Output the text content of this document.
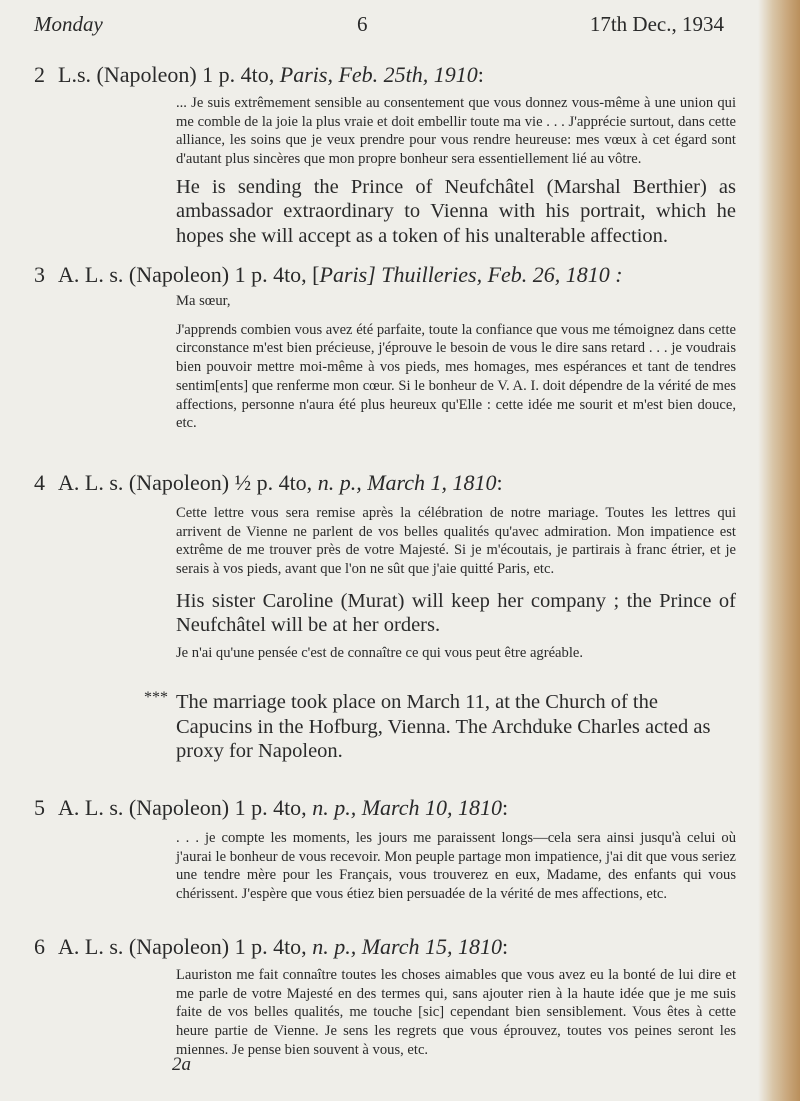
Monday	6	17th Dec., 1934
2 L.s. (Napoleon) 1 p. 4to, Paris, Feb. 25th, 1910:

... Je suis extrêmement sensible au consentement que vous donnez vous-même à une union qui me comble de la joie la plus vraie et doit embellir toute ma vie . . . J'apprécie surtout, dans cette alliance, les soins que je veux prendre pour vous rendre heureuse: mes vœux à cet égard sont d'autant plus sincères que mon propre bonheur sera essentiellement lié au vôtre.

He is sending the Prince of Neufchâtel (Marshal Berthier) as ambassador extraordinary to Vienna with his portrait, which he hopes she will accept as a token of his unalterable affection.

3 A. L. s. (Napoleon) 1 p. 4to, [Paris] Thuilleries, Feb. 26, 1810 :

Ma sœur,

J'apprends combien vous avez été parfaite, toute la confiance que vous me témoignez dans cette circonstance m'est bien précieuse, j'éprouve le besoin de vous le dire sans retard . . . je voudrais bien pouvoir mettre moi-même à vos pieds, mes homages, mes espérances et tant de tendres sentim[ents] que renferme mon cœur. Si le bonheur de V. A. I. doit dépendre de la vérité de mes affections, personne n'aura été plus heureux qu'Elle : cette idée me sourit et m'est bien douce, etc.

4 A. L. s. (Napoleon) ½ p. 4to, n. p., March 1, 1810:

Cette lettre vous sera remise après la célébration de notre mariage. Toutes les lettres qui arrivent de Vienne ne parlent de vos belles qualités qu'avec admiration. Mon impatience est extrême de me trouver près de votre Majesté. Si je m'écoutais, je partirais à franc étrier, et je serais à vos pieds, avant que l'on ne sût que j'aie quitté Paris, etc.

His sister Caroline (Murat) will keep her company ; the Prince of Neufchâtel will be at her orders.

Je n'ai qu'une pensée c'est de connaître ce qui vous peut être agréable.

*** The marriage took place on March 11, at the Church of the Capucins in the Hofburg, Vienna. The Archduke Charles acted as proxy for Napoleon.
5 A. L. s. (Napoleon) 1 p. 4to, n. p., March 10, 1810:

. . . je compte les moments, les jours me paraissent longs—cela sera ainsi jusqu'à celui où j'aurai le bonheur de vous recevoir. Mon peuple partage mon impatience, j'ai dit que vous seriez une tendre mère pour les Français, vous trouverez en eux, Madame, des enfants qui vous chérissent. J'espère que vous étiez bien persuadée de la vérité de mes affections, etc.

6 A. L. s. (Napoleon) 1 p. 4to, n. p., March 15, 1810:

Lauriston me fait connaître toutes les choses aimables que vous avez eu la bonté de lui dire et me parle de votre Majesté en des termes qui, sans ajouter rien à la haute idée que je me suis faite de vos belles qualités, me touche [sic] cependant bien sensiblement. Vous êtes à cette heure partie de Vienne. Je sens les regrets que vous éprouvez, toutes vos peines seront les miennes. Je pense bien souvent à vous, etc.

2a
